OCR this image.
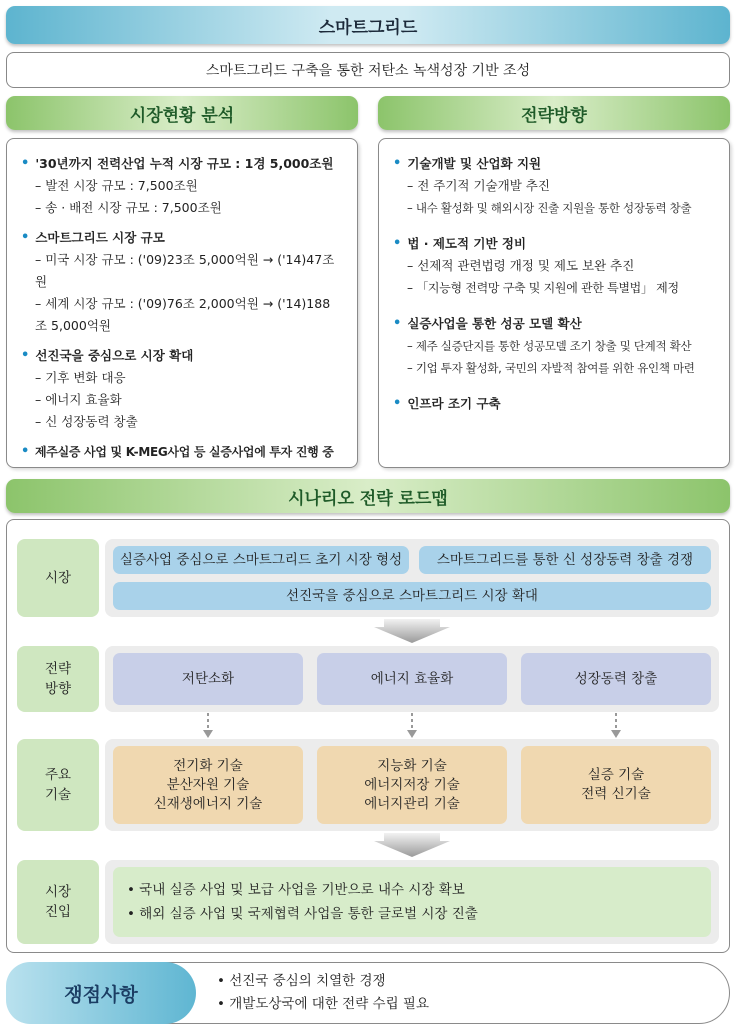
스마트그리드
스마트그리드 구축을 통한 저탄소 녹색성장 기반 조성
시장현황 분석	전략방향
• '30년까지 전력산업 누적 시장 규모 : 1경 5,000조원
– 발전 시장 규모 : 7,500조원
– 송 · 배전 시장 규모 : 7,500조원
• 스마트그리드 시장 규모
– 미국 시장 규모 : ('09)23조 5,000억원 → ('14)47조원
– 세계 시장 규모 : ('09)76조 2,000억원 → ('14)188조 5,000억원
• 선진국을 중심으로 시장 확대
– 기후 변화 대응
– 에너지 효율화
– 신 성장동력 창출
• 제주실증 사업 및 K-MEG사업 등 실증사업에 투자 진행 중
• 기술개발 및 산업화 지원
– 전 주기적 기술개발 추진
– 내수 활성화 및 해외시장 진출 지원을 통한 성장동력 창출
• 법 · 제도적 기반 정비
– 선제적 관련법령 개정 및 제도 보완 추진
– 「지능형 전력망 구축 및 지원에 관한 특별법」 제정
• 실증사업을 통한 성공 모델 확산
– 제주 실증단지를 통한 성공모델 조기 창출 및 단계적 확산
– 기업 투자 활성화, 국민의 자발적 참여를 위한 유인책 마련
• 인프라 조기 구축
시나리오 전략 로드맵
시장
실증사업 중심으로 스마트그리드 초기 시장 형성	스마트그리드를 통한 신 성장동력 창출 경쟁
선진국을 중심으로 스마트그리드 시장 확대
전략
방향
저탄소화	에너지 효율화	성장동력 창출
주요
기술
전기화 기술
분산자원 기술
신재생에너지 기술
지능화 기술
에너지저장 기술
에너지관리 기술
실증 기술
전력 신기술
시장
진입
• 국내 실증 사업 및 보급 사업을 기반으로 내수 시장 확보
• 해외 실증 사업 및 국제협력 사업을 통한 글로벌 시장 진출
쟁점사항
• 선진국 중심의 치열한 경쟁
• 개발도상국에 대한 전략 수립 필요
